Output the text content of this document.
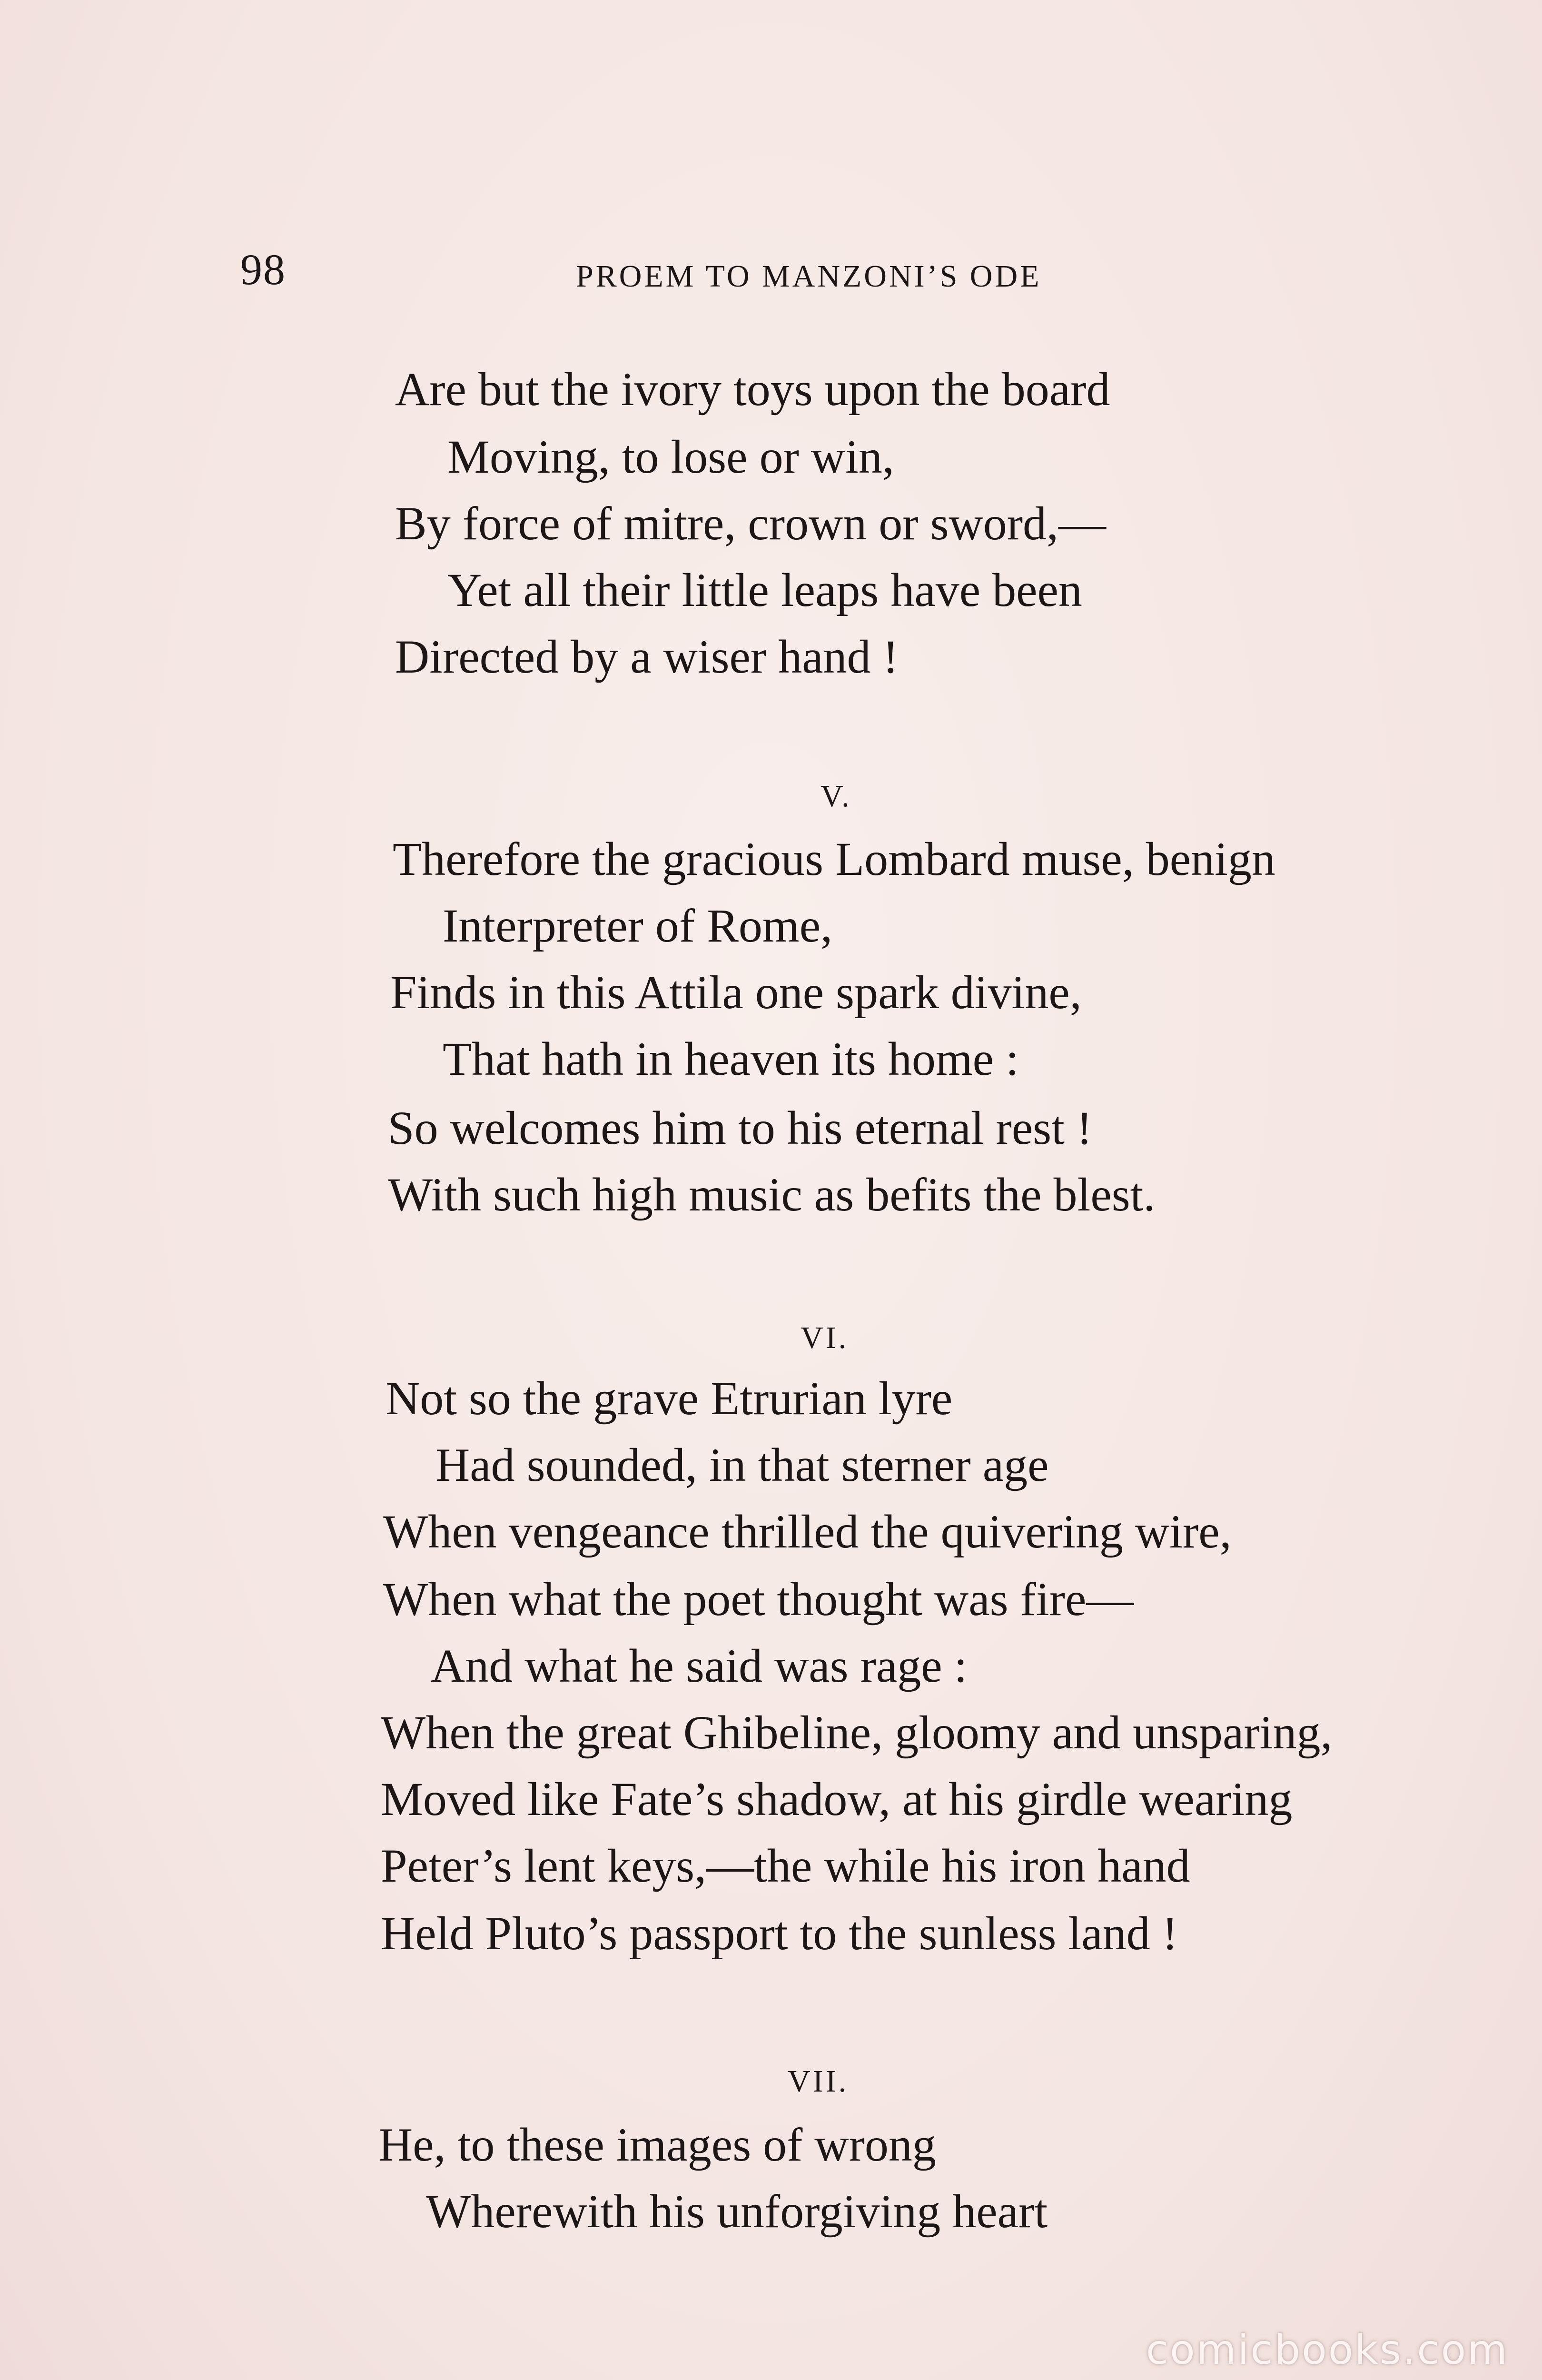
98	PROEM TO MANZONI’S ODE
Are but the ivory toys upon the board
Moving, to lose or win,
By force of mitre, crown or sword,—
Yet all their little leaps have been
Directed by a wiser hand !
V.
Therefore the gracious Lombard muse, benign
Interpreter of Rome,
Finds in this Attila one spark divine,
That hath in heaven its home :
So welcomes him to his eternal rest !
With such high music as befits the blest.
VI.
Not so the grave Etrurian lyre
Had sounded, in that sterner age
When vengeance thrilled the quivering wire,
When what the poet thought was fire—
And what he said was rage :
When the great Ghibeline, gloomy and unsparing,
Moved like Fate’s shadow, at his girdle wearing
Peter’s lent keys,—the while his iron hand
Held Pluto’s passport to the sunless land !
VII.
He, to these images of wrong
Wherewith his unforgiving heart
comicbooks.com
